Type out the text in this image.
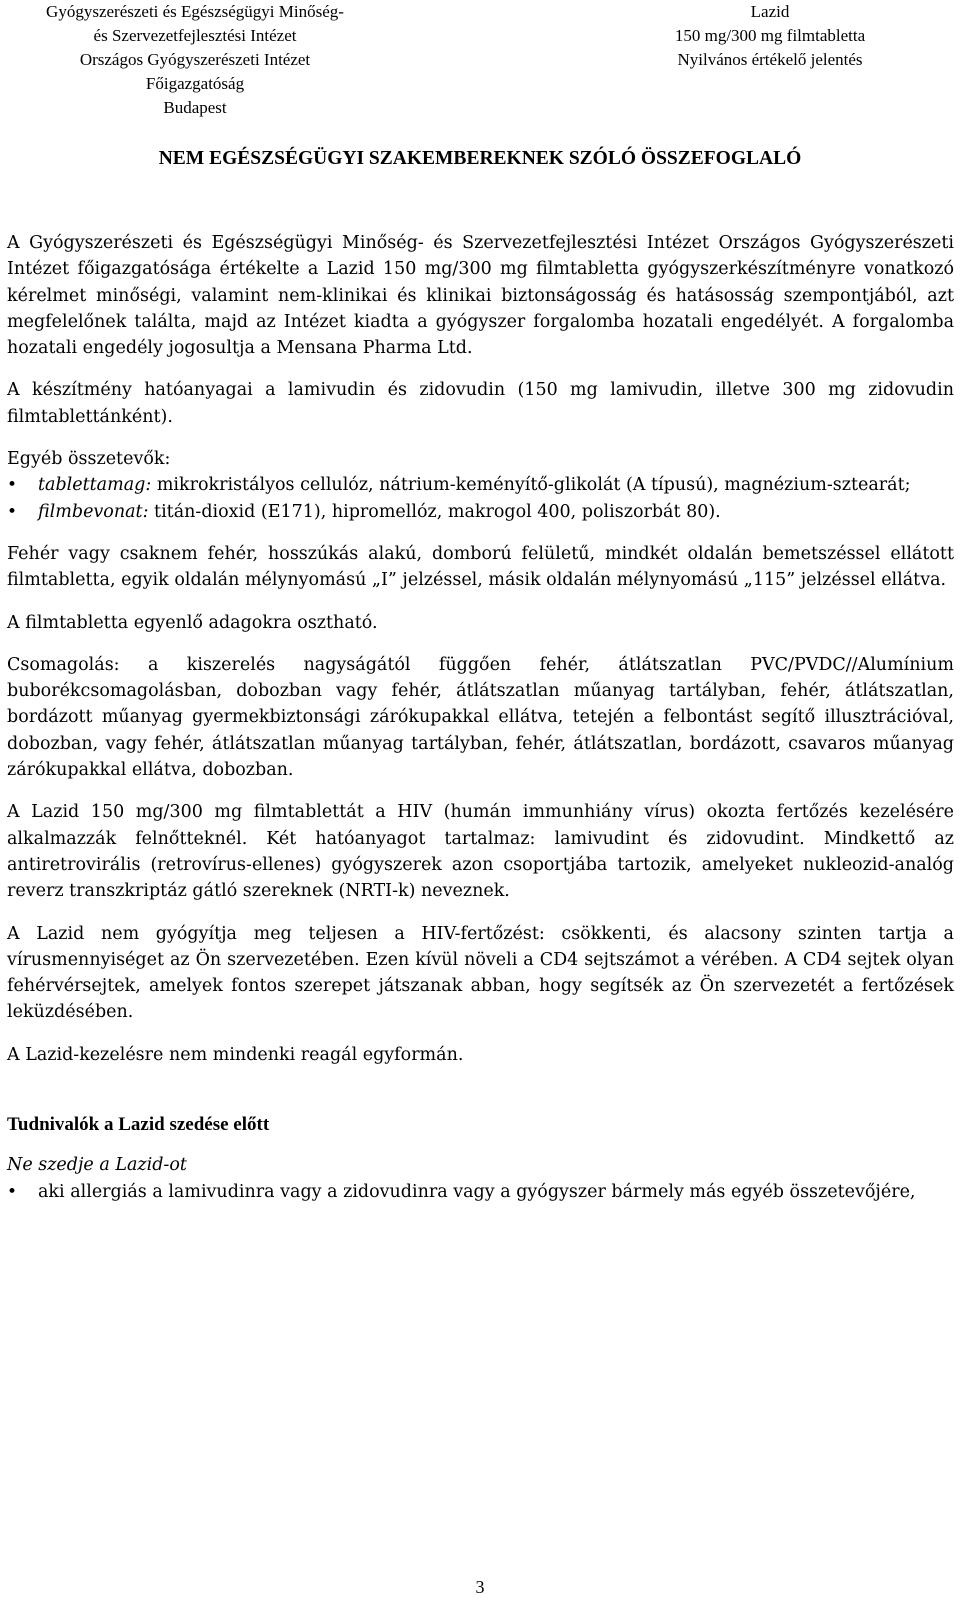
Gyógyszerészeti és Egészségügyi Minőség-
és Szervezetfejlesztési Intézet
Országos Gyógyszerészeti Intézet
Főigazgatóság
Budapest
Lazid
150 mg/300 mg filmtabletta
Nyilvános értékelő jelentés
NEM EGÉSZSÉGÜGYI SZAKEMBEREKNEK SZÓLÓ ÖSSZEFOGLALÓ

A Gyógyszerészeti és Egészségügyi Minőség- és Szervezetfejlesztési Intézet Országos Gyógyszerészeti Intézet főigazgatósága értékelte a Lazid 150 mg/300 mg filmtabletta gyógyszerkészítményre vonatkozó kérelmet minőségi, valamint nem-klinikai és klinikai biztonságosság és hatásosság szempontjából, azt megfelelőnek találta, majd az Intézet kiadta a gyógyszer forgalomba hozatali engedélyét. A forgalomba hozatali engedély jogosultja a Mensana Pharma Ltd.

A készítmény hatóanyagai a lamivudin és zidovudin (150 mg lamivudin, illetve 300 mg zidovudin filmtablettánként).

Egyéb összetevők:

• tablettamag: mikrokristályos cellulóz, nátrium-keményítő-glikolát (A típusú), magnézium-sztearát;
• filmbevonat: titán-dioxid (E171), hipromellóz, makrogol 400, poliszorbát 80).

Fehér vagy csaknem fehér, hosszúkás alakú, domború felületű, mindkét oldalán bemetszéssel ellátott filmtabletta, egyik oldalán mélynyomású „I” jelzéssel, másik oldalán mélynyomású „115” jelzéssel ellátva.

A filmtabletta egyenlő adagokra osztható.

Csomagolás: a kiszerelés nagyságától függően fehér, átlátszatlan PVC/PVDC//Alumínium buborékcsomagolásban, dobozban vagy fehér, átlátszatlan műanyag tartályban, fehér, átlátszatlan, bordázott műanyag gyermekbiztonsági zárókupakkal ellátva, tetején a felbontást segítő illusztrációval, dobozban, vagy fehér, átlátszatlan műanyag tartályban, fehér, átlátszatlan, bordázott, csavaros műanyag zárókupakkal ellátva, dobozban.

A Lazid 150 mg/300 mg filmtablettát a HIV (humán immunhiány vírus) okozta fertőzés kezelésére alkalmazzák felnőtteknél. Két hatóanyagot tartalmaz: lamivudint és zidovudint. Mindkettő az antiretrovirális (retrovírus-ellenes) gyógyszerek azon csoportjába tartozik, amelyeket nukleozid-analóg reverz transzkriptáz gátló szereknek (NRTI-k) neveznek.

A Lazid nem gyógyítja meg teljesen a HIV-fertőzést: csökkenti, és alacsony szinten tartja a vírusmennyiséget az Ön szervezetében. Ezen kívül növeli a CD4 sejtszámot a vérében. A CD4 sejtek olyan fehérvérsejtek, amelyek fontos szerepet játszanak abban, hogy segítsék az Ön szervezetét a fertőzések leküzdésében.

A Lazid-kezelésre nem mindenki reagál egyformán.

Tudnivalók a Lazid szedése előtt

Ne szedje a Lazid-ot

• aki allergiás a lamivudinra vagy a zidovudinra vagy a gyógyszer bármely más egyéb összetevőjére,
3
